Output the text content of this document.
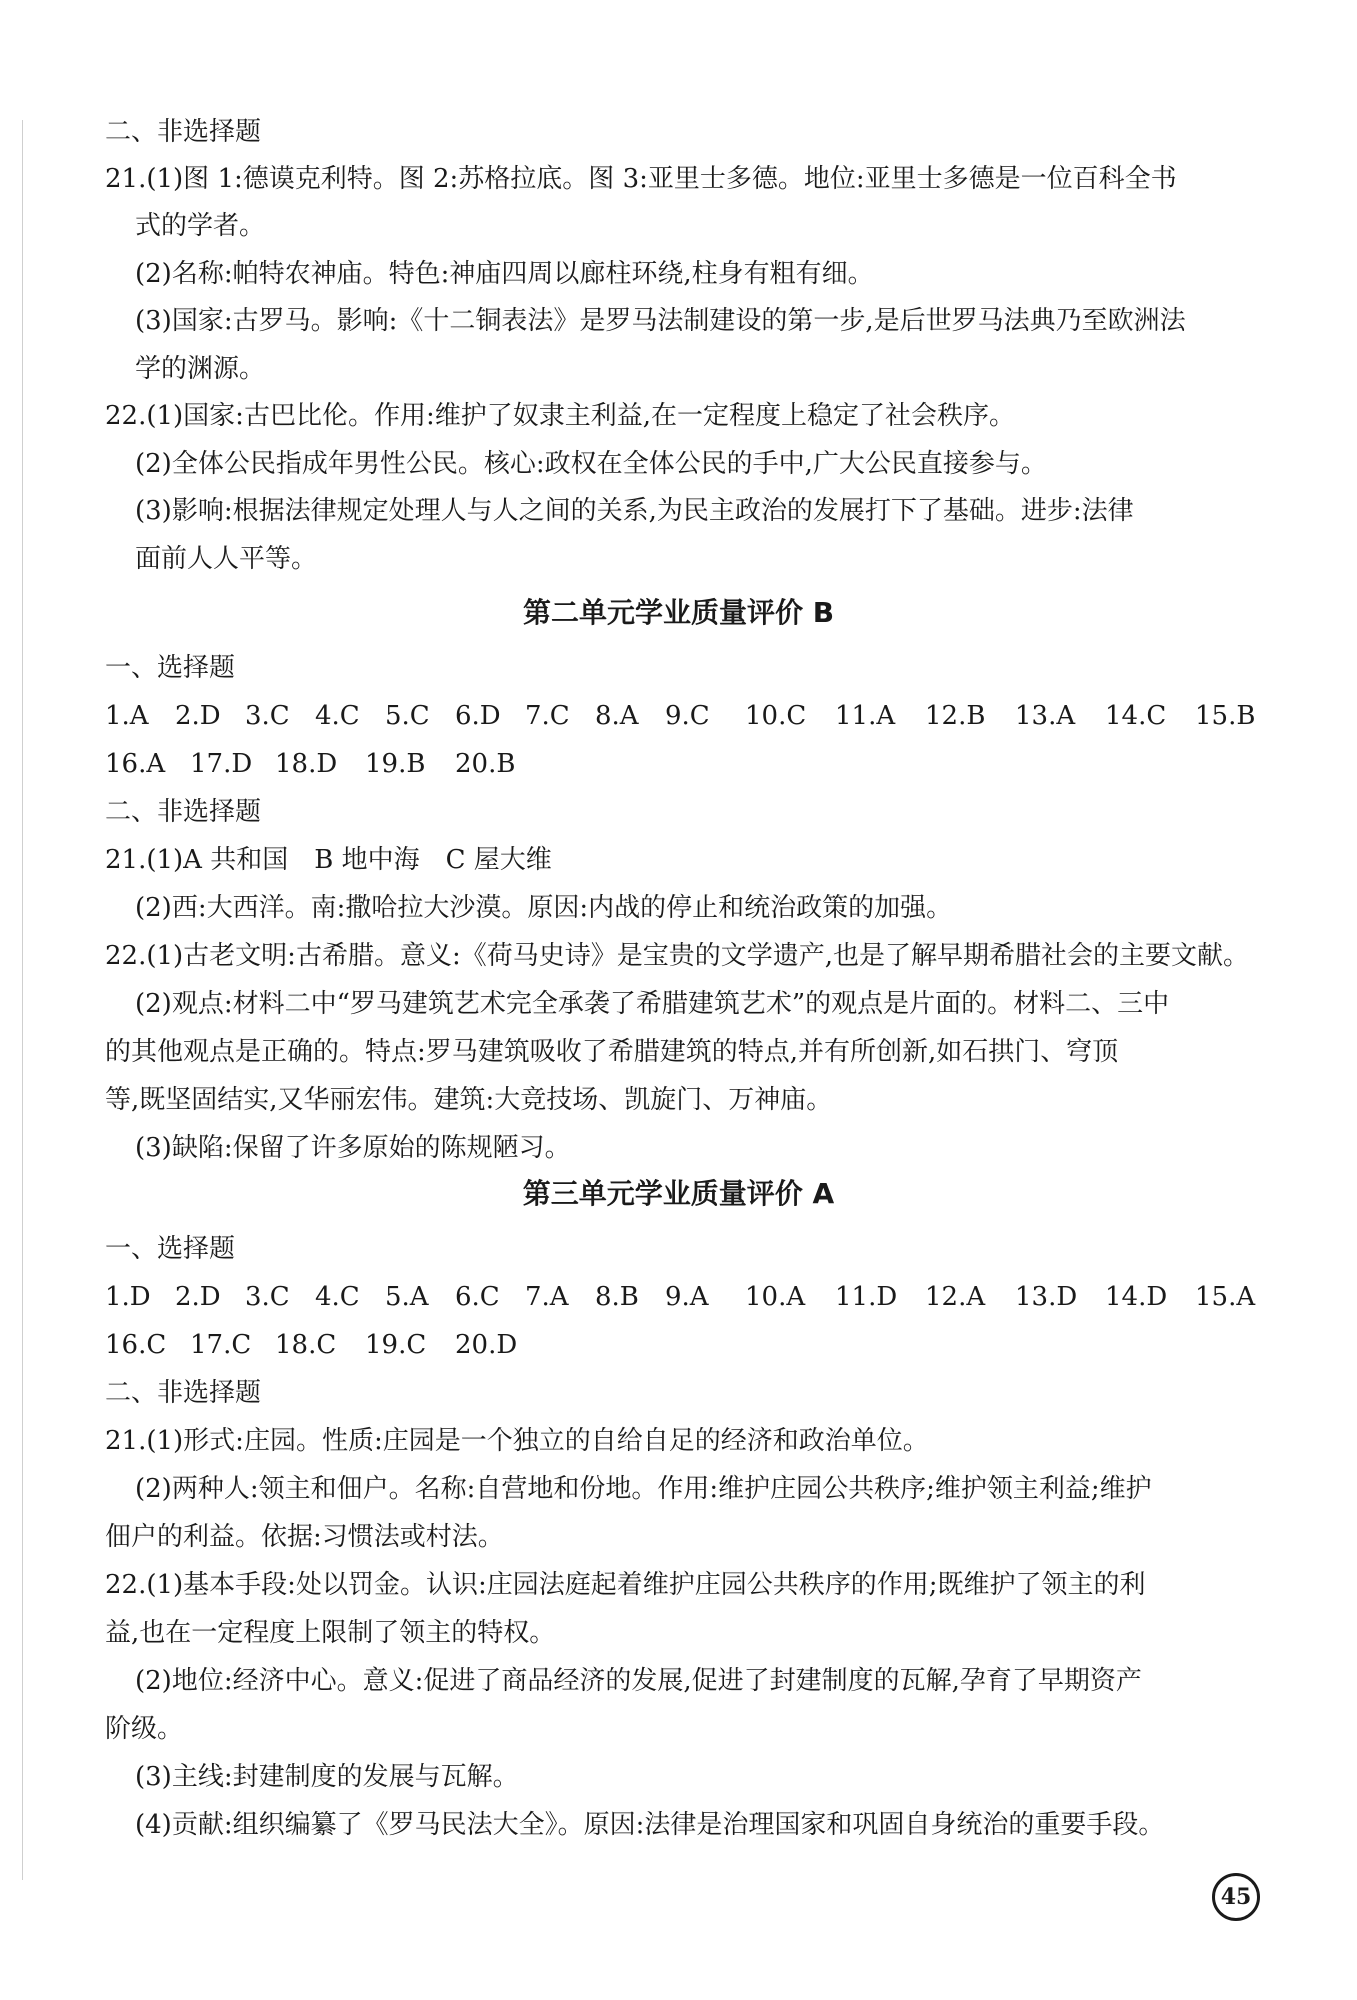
二、非选择题
21.(1)图 1:德谟克利特。图 2:苏格拉底。图 3:亚里士多德。地位:亚里士多德是一位百科全书
式的学者。
(2)名称:帕特农神庙。特色:神庙四周以廊柱环绕,柱身有粗有细。
(3)国家:古罗马。影响:《十二铜表法》是罗马法制建设的第一步,是后世罗马法典乃至欧洲法
学的渊源。
22.(1)国家:古巴比伦。作用:维护了奴隶主利益,在一定程度上稳定了社会秩序。
(2)全体公民指成年男性公民。核心:政权在全体公民的手中,广大公民直接参与。
(3)影响:根据法律规定处理人与人之间的关系,为民主政治的发展打下了基础。进步:法律
面前人人平等。
第二单元学业质量评价 B
一、选择题
1.A 2.D 3.C 4.C 5.C 6.D 7.C 8.A 9.C 10.C 11.A 12.B 13.A 14.C 15.B
16.A 17.D 18.D 19.B 20.B
二、非选择题
21.(1)A 共和国　B 地中海　C 屋大维
(2)西:大西洋。南:撒哈拉大沙漠。原因:内战的停止和统治政策的加强。
22.(1)古老文明:古希腊。意义:《荷马史诗》是宝贵的文学遗产,也是了解早期希腊社会的主要文献。
(2)观点:材料二中“罗马建筑艺术完全承袭了希腊建筑艺术”的观点是片面的。材料二、三中
的其他观点是正确的。特点:罗马建筑吸收了希腊建筑的特点,并有所创新,如石拱门、穹顶
等,既坚固结实,又华丽宏伟。建筑:大竞技场、凯旋门、万神庙。
(3)缺陷:保留了许多原始的陈规陋习。
第三单元学业质量评价 A
一、选择题
1.D 2.D 3.C 4.C 5.A 6.C 7.A 8.B 9.A 10.A 11.D 12.A 13.D 14.D 15.A
16.C 17.C 18.C 19.C 20.D
二、非选择题
21.(1)形式:庄园。性质:庄园是一个独立的自给自足的经济和政治单位。
(2)两种人:领主和佃户。名称:自营地和份地。作用:维护庄园公共秩序;维护领主利益;维护
佃户的利益。依据:习惯法或村法。
22.(1)基本手段:处以罚金。认识:庄园法庭起着维护庄园公共秩序的作用;既维护了领主的利
益,也在一定程度上限制了领主的特权。
(2)地位:经济中心。意义:促进了商品经济的发展,促进了封建制度的瓦解,孕育了早期资产
阶级。
(3)主线:封建制度的发展与瓦解。
(4)贡献:组织编纂了《罗马民法大全》。原因:法律是治理国家和巩固自身统治的重要手段。
45
